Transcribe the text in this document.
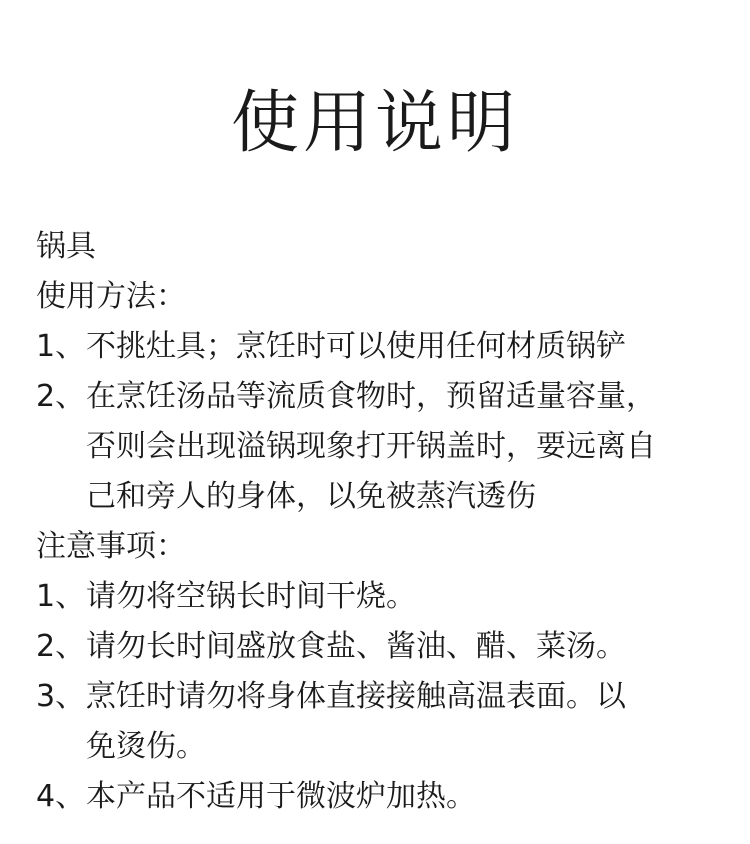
使用说明
锅具
使用方法：
1、 不挑灶具；烹饪时可以使用任何材质锅铲
2、 在烹饪汤品等流质食物时，预留适量容量，
否则会出现溢锅现象打开锅盖时，要远离自
己和旁人的身体，以免被蒸汽透伤
注意事项：
1、 请勿将空锅长时间干烧。
2、 请勿长时间盛放食盐、酱油、醋、菜汤。
3、 烹饪时请勿将身体直接接触高温表面。以
免烫伤。
4、 本产品不适用于微波炉加热。
